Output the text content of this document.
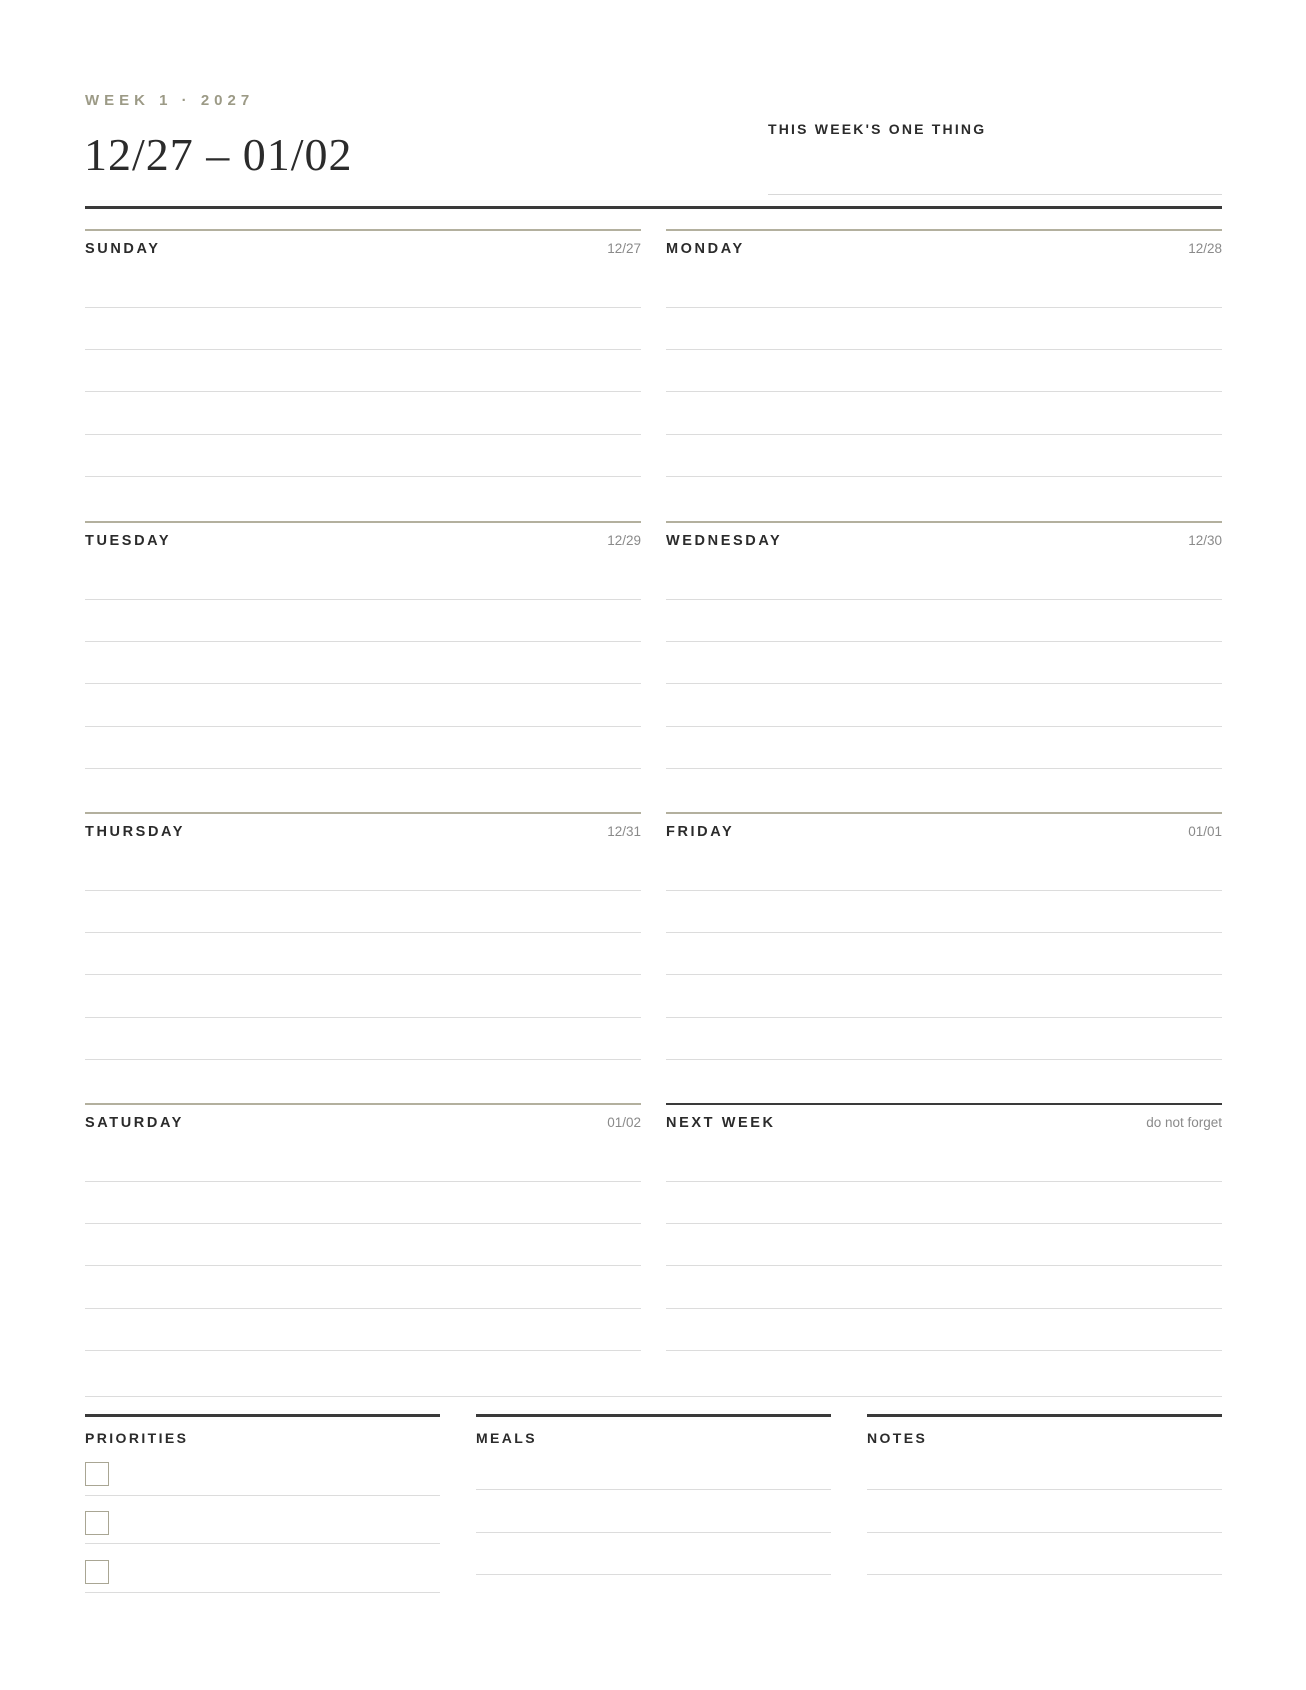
WEEK 1 · 2027
12/27 – 01/02	THIS WEEK'S ONE THING
SUNDAY	12/27 MONDAY	12/28
TUESDAY	12/29 WEDNESDAY	12/30
THURSDAY	12/31 FRIDAY	01/01
SATURDAY	01/02 NEXT WEEK	do not forget
PRIORITIES	MEALS	NOTES
